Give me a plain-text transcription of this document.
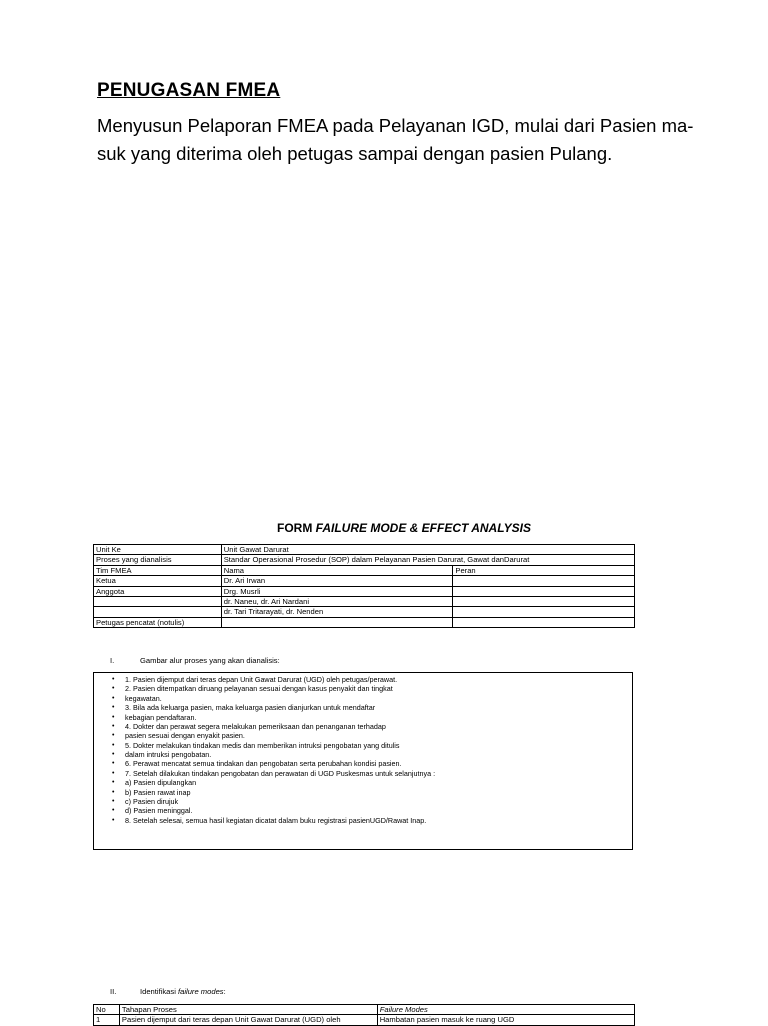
PENUGASAN FMEA
Menyusun Pelaporan FMEA pada Pelayanan IGD, mulai dari Pasien ma-
suk yang diterima oleh petugas sampai dengan pasien Pulang.
FORM FAILURE MODE & EFFECT ANALYSIS
Unit Ke	Unit Gawat Darurat	
Proses yang dianalisis	Standar Operasional Prosedur (SOP) dalam Pelayanan Pasien Darurat, Gawat danDarurat	
Tim FMEA	Nama	Peran
Ketua	Dr. Ari Irwan	
Anggota	Drg. Musrli	
	dr. Naneu, dr. Ari Nardani	
	dr. Tari Tritarayati, dr. Nenden	
Petugas pencatat (notulis)		
I.	Gambar alur proses yang akan dianalisis:
• 1. Pasien dijemput dari teras depan Unit Gawat Darurat (UGD) oleh petugas/perawat.
• 2. Pasien ditempatkan diruang pelayanan sesuai dengan kasus penyakit dan tingkat
• kegawatan.
• 3. Bila ada keluarga pasien, maka keluarga pasien dianjurkan untuk mendaftar
• kebagian pendaftaran.
• 4. Dokter dan perawat segera melakukan pemeriksaan dan penanganan terhadap
• pasien sesuai dengan enyakit pasien.
• 5. Dokter melakukan tindakan medis dan memberikan intruksi pengobatan yang ditulis
• dalam intruksi pengobatan.
• 6. Perawat mencatat semua tindakan dan pengobatan serta perubahan kondisi pasien.
• 7. Setelah dilakukan tindakan pengobatan dan perawatan di UGD Puskesmas untuk selanjutnya :
• a) Pasien dipulangkan
• b) Pasien rawat inap
• c) Pasien dirujuk
• d) Pasien meninggal.
• 8. Setelah selesai, semua hasil kegiatan dicatat dalam buku registrasi pasienUGD/Rawat Inap.
II.	Identifikasi failure modes:
No	Tahapan Proses	Failure Modes
1	Pasien dijemput dari teras depan Unit Gawat Darurat (UGD) oleh	Hambatan pasien masuk ke ruang UGD
